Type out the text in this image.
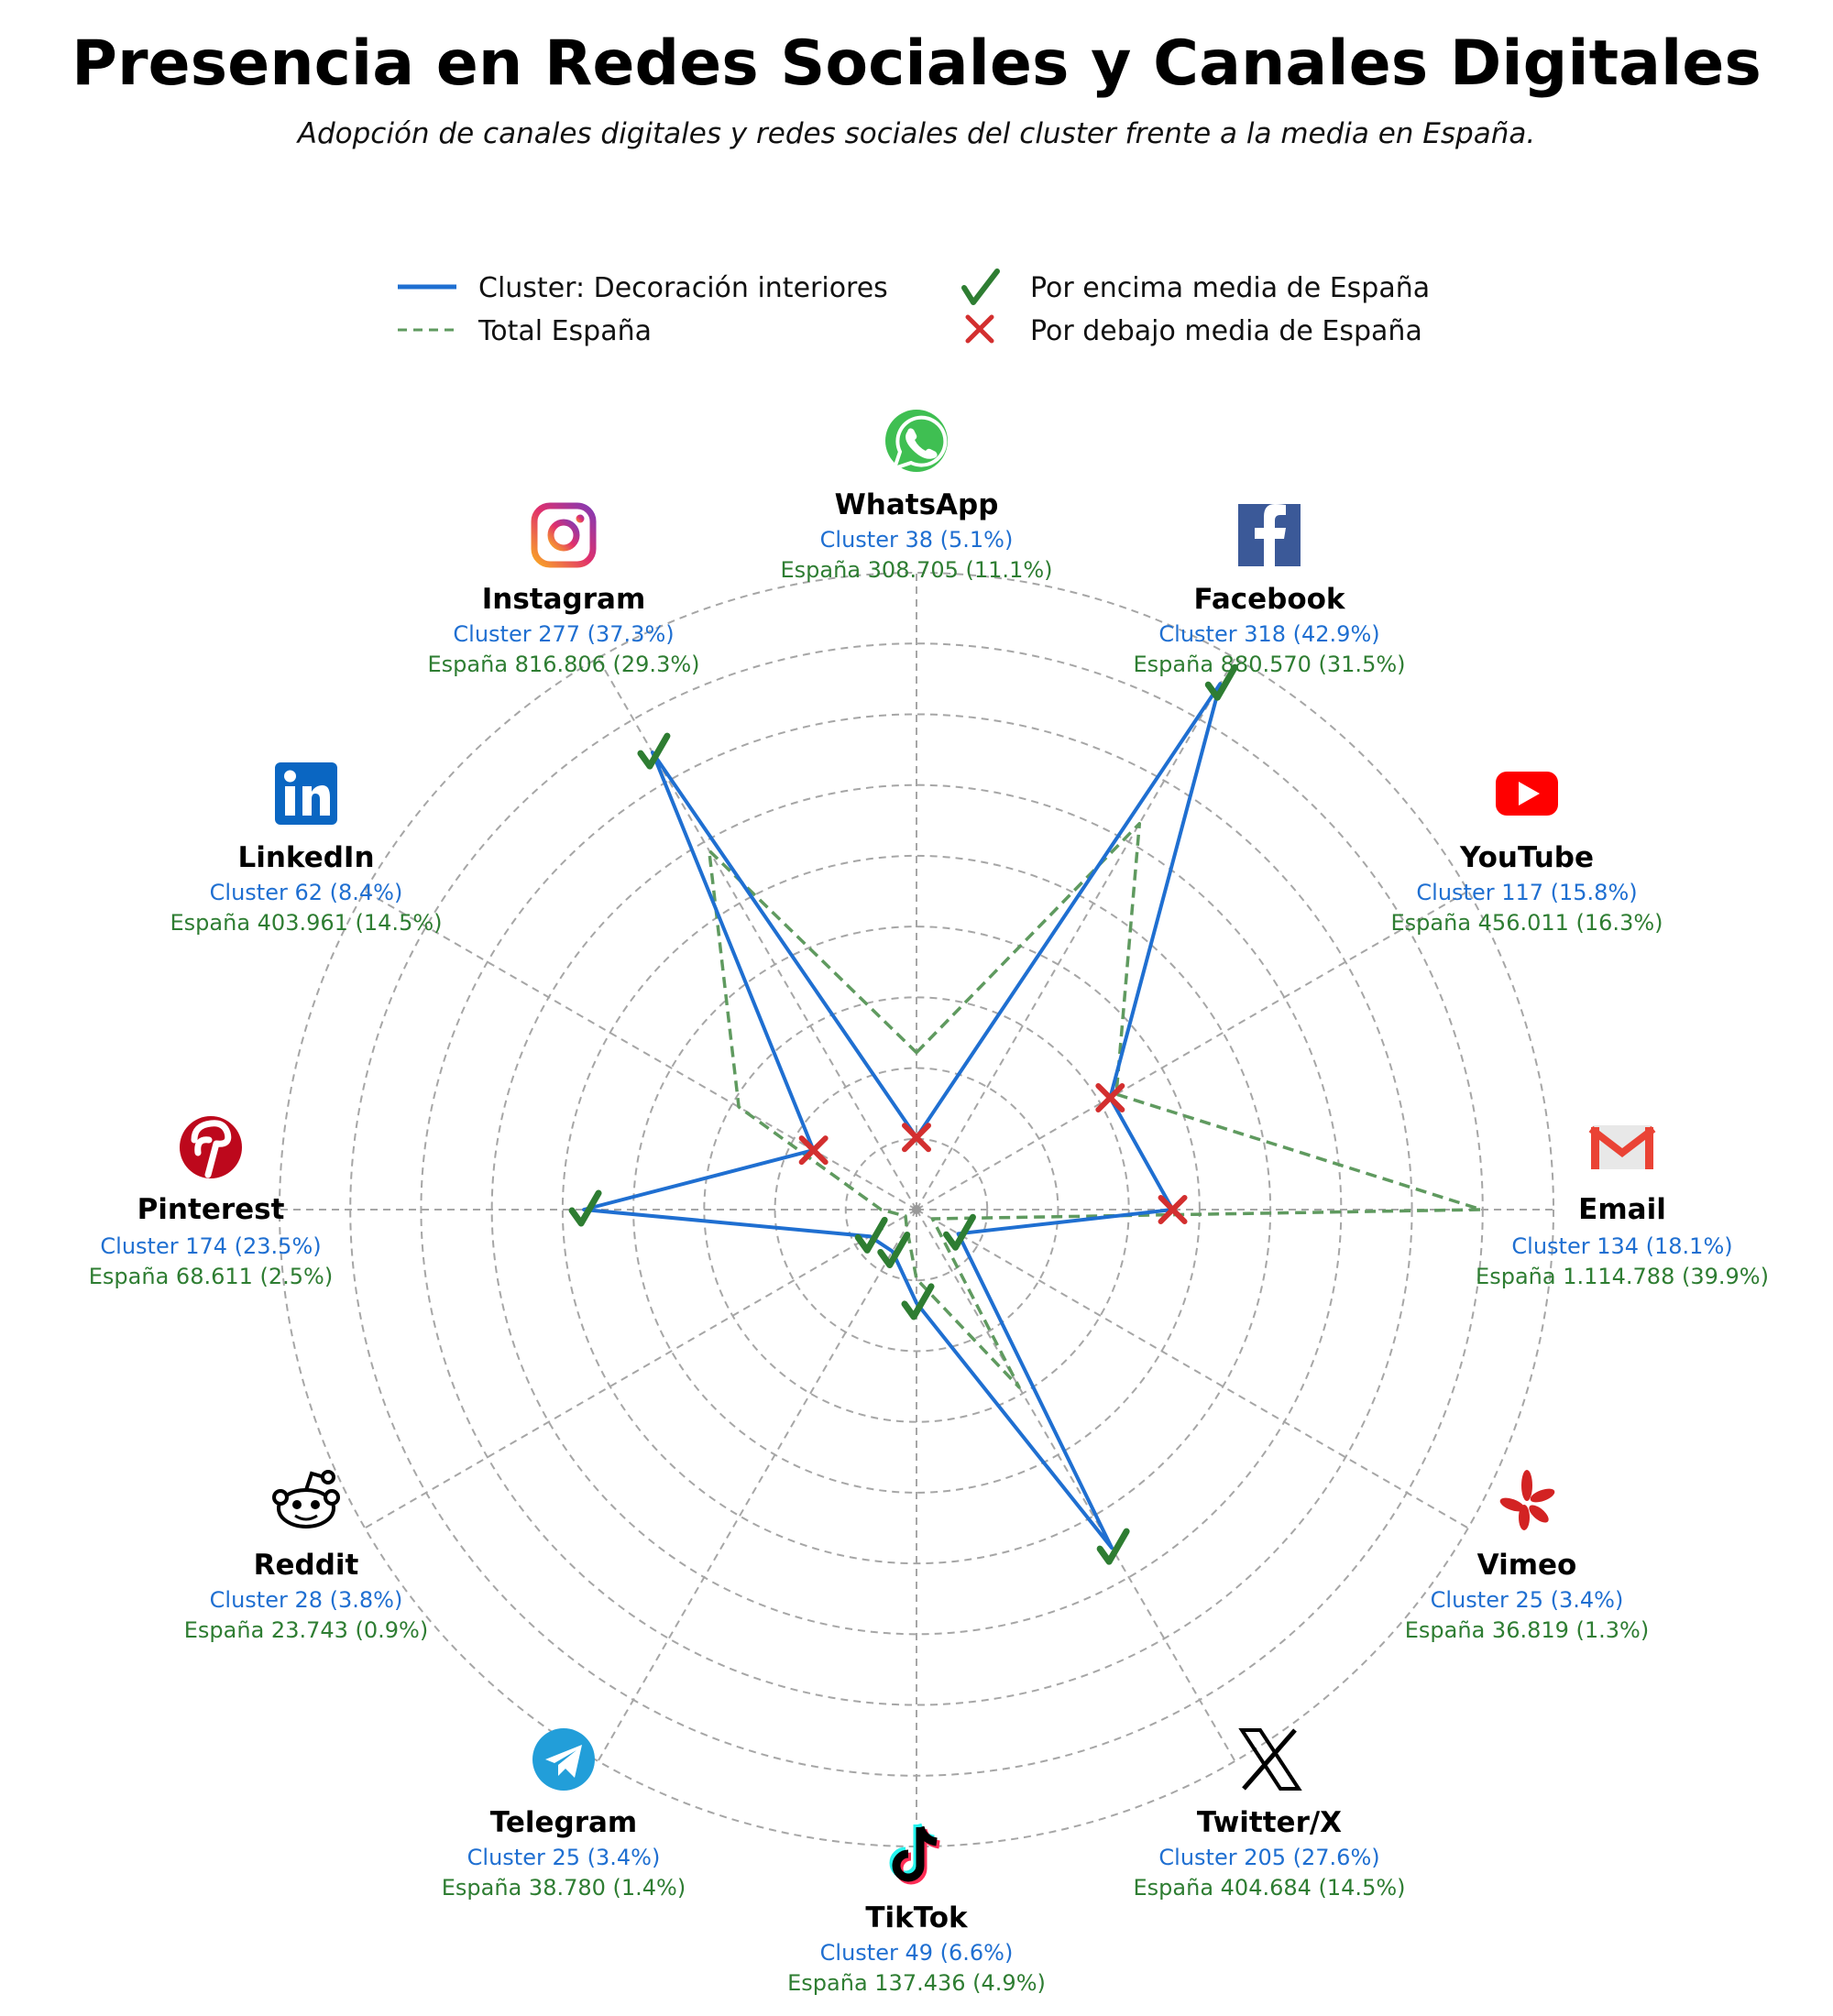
Presencia en Redes Sociales y Canales Digitales
Adopción de canales digitales y redes sociales del cluster frente a la media en España.
WhatsApp
Cluster 38 (5.1%)
España 308.705 (11.1%)
Facebook
Cluster 318 (42.9%)
España 880.570 (31.5%)
YouTube
Cluster 117 (15.8%)
España 456.011 (16.3%)
Email
Cluster 134 (18.1%)
España 1.114.788 (39.9%)
Vimeo
Cluster 25 (3.4%)
España 36.819 (1.3%)
Twitter/X
Cluster 205 (27.6%)
España 404.684 (14.5%)
TikTok
Cluster 49 (6.6%)
España 137.436 (4.9%)
Telegram
Cluster 25 (3.4%)
España 38.780 (1.4%)
Reddit
Cluster 28 (3.8%)
España 23.743 (0.9%)
Pinterest
Cluster 174 (23.5%)
España 68.611 (2.5%)
LinkedIn
Cluster 62 (8.4%)
España 403.961 (14.5%)
Instagram
Cluster 277 (37.3%)
España 816.806 (29.3%)
Cluster: Decoración interiores
Total España
Por encima media de España
Por debajo media de España
